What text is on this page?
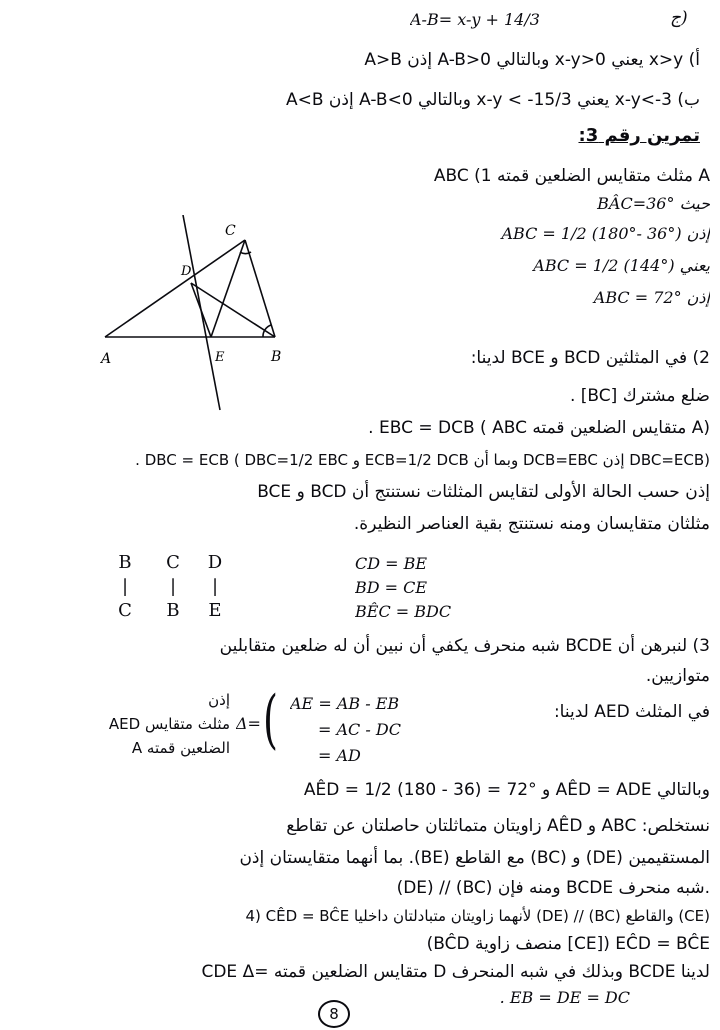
ج)
A-B= x-y + 14/3
أ) x>y يعني x-y>0 وبالتالي A-B>0 إذن A>B
ب) x-y<-3 يعني x-y < -15/3 وبالتالي A-B<0 إذن A<B
تمرين رقم 3:
ABC (1 مثلث متقايس الضلعين قمته A
حيث BÂC=36°
إذن ABC = 1/2 (180°- 36°)
يعني ABC = 1/2 (144°)
إذن ABC = 72°
A	B
C
D
E	2) في المثلثين BCD و BCE لدينا:
. [BC] ضلع مشترك
. EBC = DCB ( ABC متقايس الضلعين قمته A)
. DBC = ECB ( DBC=1/2 EBC و ECB=1/2 DCB وبما أن DCB=EBC إذن DBC=ECB)
إذن حسب الحالة الأولى لتقايس المثلثات نستنتج أن BCD و BCE
مثلثان متقايسان ومنه نستنتج بقية العناصر النظيرة.
B
|
C
C
|
B
D
|
E
CD = BE
BD = CE
BÊC = BDC
3) لنبرهن أن BCDE شبه منحرف يكفي أن نبين أن له ضلعين متقابلين
متوازيين.
في المثلث AED لدينا:
AE = AB - EB
= AC - DC
= AD
(
Δ=
إذن
AED مثلث متقايس
الضلعين قمته A
وبالتالي AÊD = ADE و AÊD = 1/2 (180 - 36) = 72°
نستخلص: ABC و AÊD زاويتان متماثلتان حاصلتان عن تقاطع
المستقيمين (DE) و (BC) مع القاطع (BE). بما أنهما متقايستان إذن
(DE) // (BC) ومنه فإن BCDE شبه منحرف.
4) CÊD = BĈE لأنهما زاويتان متبادلتان داخليا (DE) // (BC) والقاطع (CE)
(BĈD منصف زاوية [CE]) EĈD = BĈE
CDE Δ= متقايس الضلعين قمته D وبذلك في شبه المنحرف BCDE لدينا
. EB = DE = DC
8
